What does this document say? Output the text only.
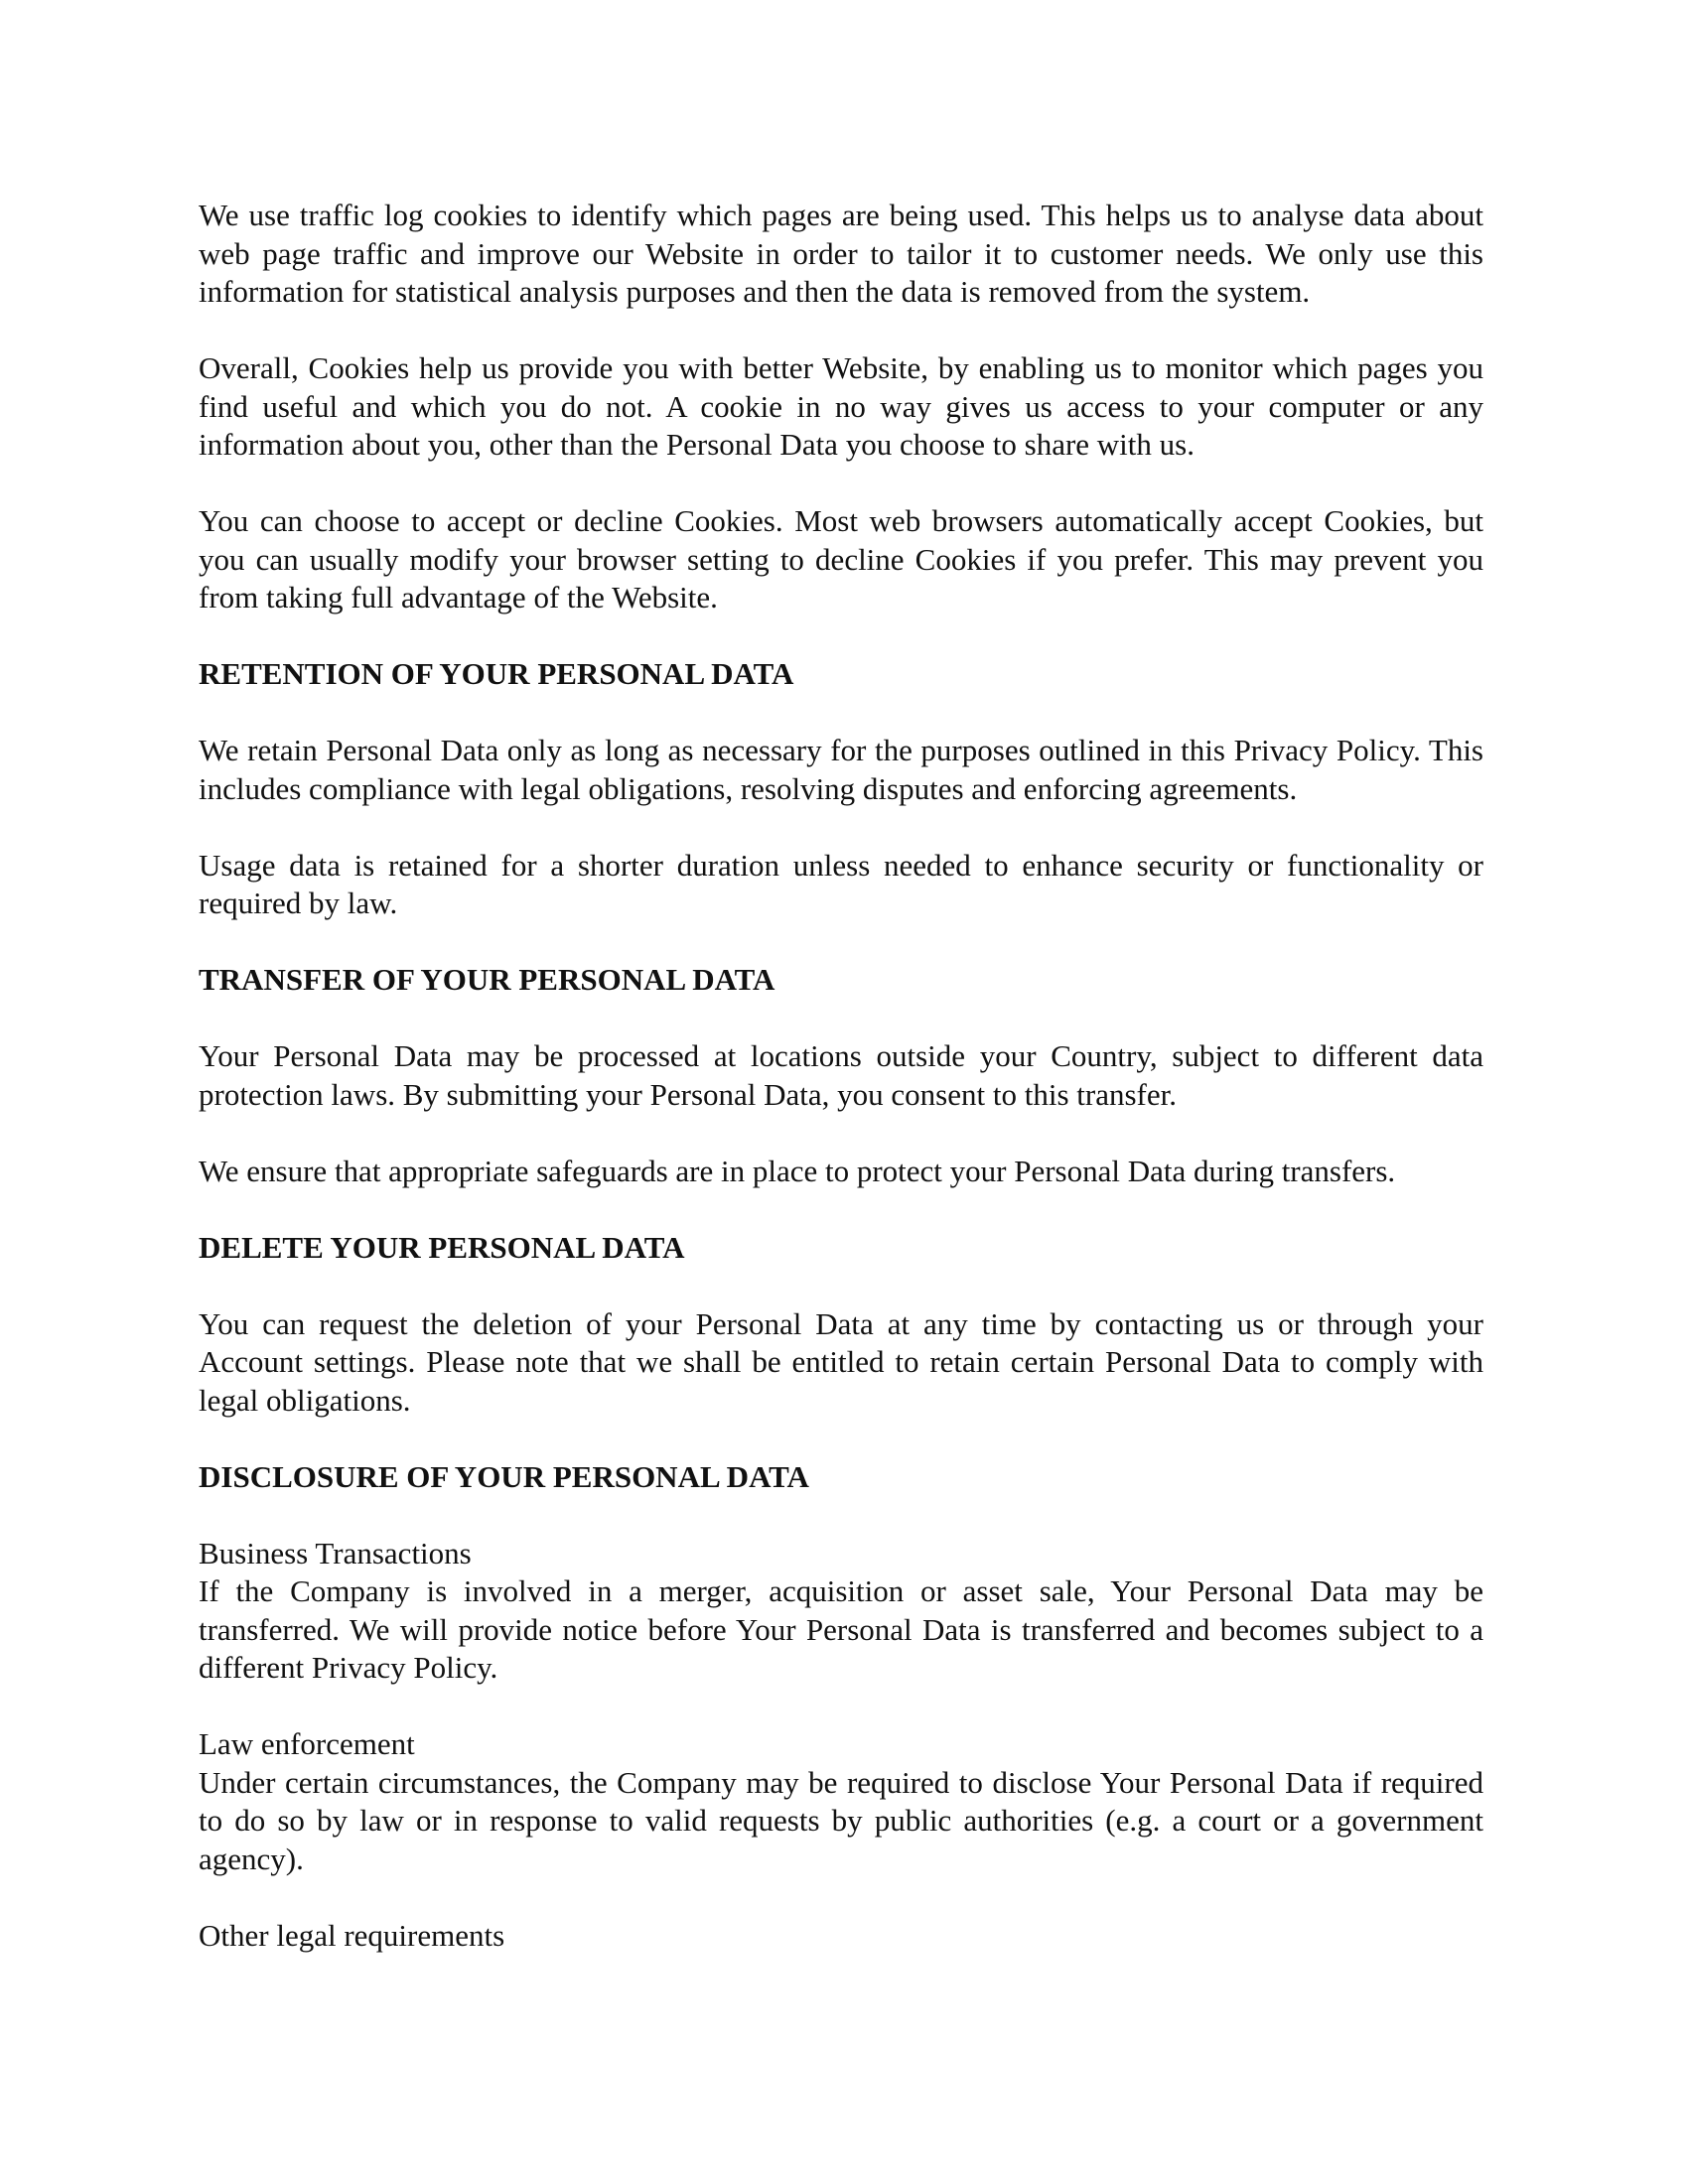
We use traffic log cookies to identify which pages are being used. This helps us to analyse data about web page traffic and improve our Website in order to tailor it to customer needs. We only use this information for statistical analysis purposes and then the data is removed from the system.

Overall, Cookies help us provide you with better Website, by enabling us to monitor which pages you find useful and which you do not. A cookie in no way gives us access to your computer or any information about you, other than the Personal Data you choose to share with us.

You can choose to accept or decline Cookies. Most web browsers automatically accept Cookies, but you can usually modify your browser setting to decline Cookies if you prefer. This may prevent you from taking full advantage of the Website.

RETENTION OF YOUR PERSONAL DATA

We retain Personal Data only as long as necessary for the purposes outlined in this Privacy Policy. This includes compliance with legal obligations, resolving disputes and enforcing agreements.

Usage data is retained for a shorter duration unless needed to enhance security or functionality or required by law.

TRANSFER OF YOUR PERSONAL DATA

Your Personal Data may be processed at locations outside your Country, subject to different data protection laws. By submitting your Personal Data, you consent to this transfer.

We ensure that appropriate safeguards are in place to protect your Personal Data during transfers.

DELETE YOUR PERSONAL DATA

You can request the deletion of your Personal Data at any time by contacting us or through your Account settings. Please note that we shall be entitled to retain certain Personal Data to comply with legal obligations.

DISCLOSURE OF YOUR PERSONAL DATA
Business Transactions

If the Company is involved in a merger, acquisition or asset sale, Your Personal Data may be transferred. We will provide notice before Your Personal Data is transferred and becomes subject to a different Privacy Policy.

Law enforcement

Under certain circumstances, the Company may be required to disclose Your Personal Data if required to do so by law or in response to valid requests by public authorities (e.g. a court or a government agency).

Other legal requirements
